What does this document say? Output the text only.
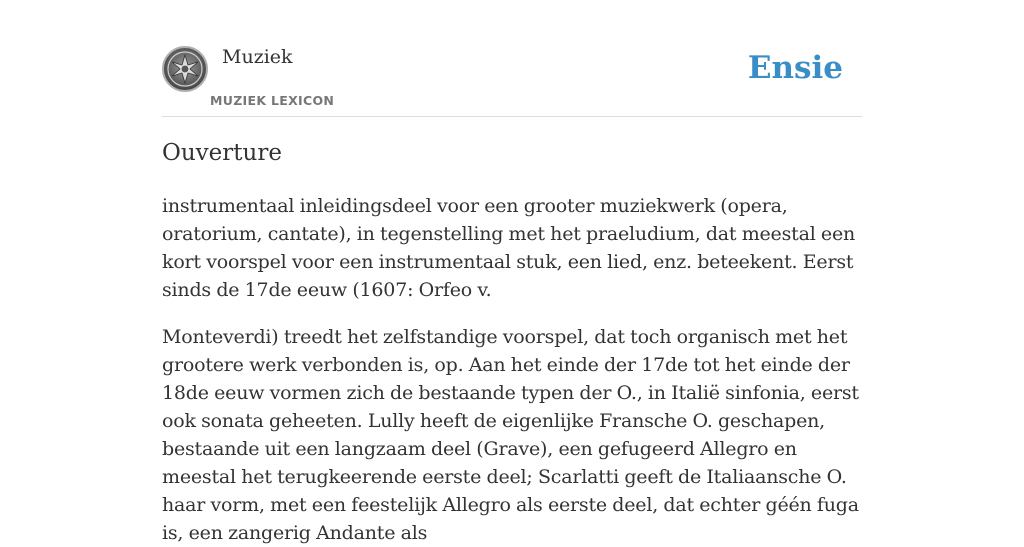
Muziek
MUZIEK LEXICON
Ensie
Ouverture

instrumentaal inleidingsdeel voor een grooter muziekwerk (opera, oratorium, cantate), in tegenstelling met het praeludium, dat meestal een kort voorspel voor een instrumentaal stuk, een lied, enz. beteekent. Eerst sinds de 17de eeuw (1607: Orfeo v.

Monteverdi) treedt het zelfstandige voorspel, dat toch organisch met het grootere werk verbonden is, op. Aan het einde der 17de tot het einde der 18de eeuw vormen zich de bestaande typen der O., in Italië sinfonia, eerst ook sonata geheeten. Lully heeft de eigenlijke Fransche O. geschapen, bestaande uit een langzaam deel (Grave), een gefugeerd Allegro en meestal het terugkeerende eerste deel; Scarlatti geeft de Italiaansche O. haar vorm, met een feestelijk Allegro als eerste deel, dat echter géén fuga is, een zangerig Andante als
